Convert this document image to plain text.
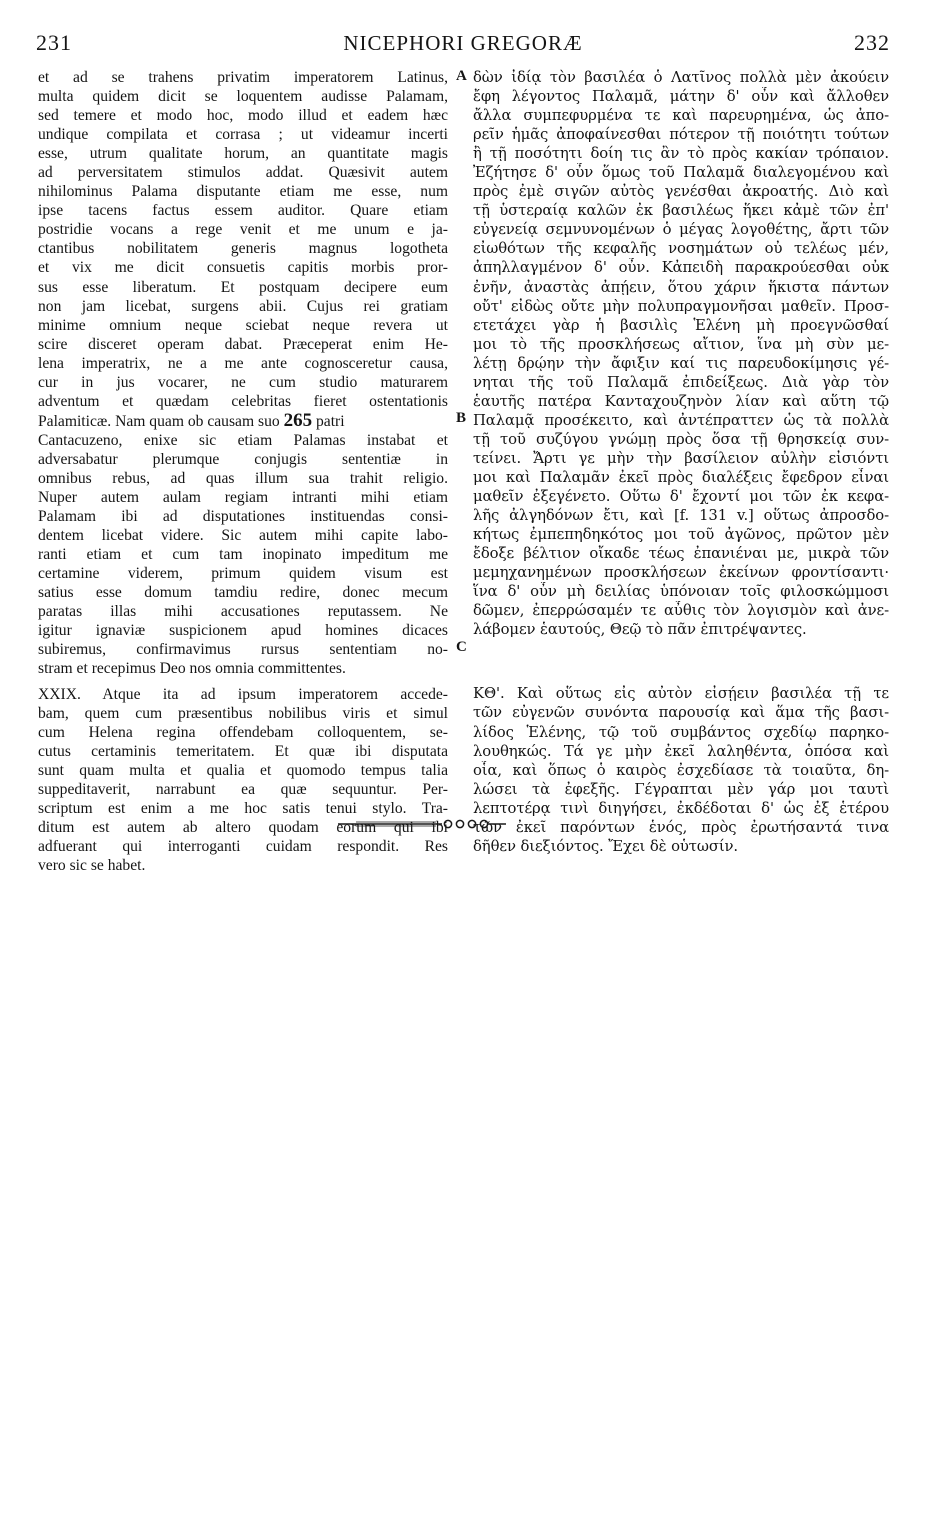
231	NICEPHORI GREGORÆ	232
et ad se trahens privatim imperatorem Latinus,
multa quidem dicit se loquentem audisse Palamam,
sed temere et modo hoc, modo illud et eadem hæc
undique compilata et corrasa ; ut videamur incerti
esse, utrum qualitate horum, an quantitate magis
ad perversitatem stimulos addat. Quæsivit autem
nihilominus Palama disputante etiam me esse, num
ipse tacens factus essem auditor. Quare etiam
postridie vocans a rege venit et me unum e ja-
ctantibus nobilitatem generis magnus logotheta
et vix me dicit consuetis capitis morbis pror-
sus esse liberatum. Et postquam decipere eum
non jam licebat, surgens abii. Cujus rei gratiam
minime omnium neque sciebat neque revera ut
scire disceret operam dabat. Præceperat enim He-
lena imperatrix, ne a me ante cognosceretur causa,
cur in jus vocarer, ne cum studio maturarem
adventum et quædam celebritas fieret ostentationis
Palamiticæ. Nam quam ob causam suo 265 patri
Cantacuzeno, enixe sic etiam Palamas instabat et
adversabatur plerumque conjugis sententiæ in
omnibus rebus, ad quas illum sua trahit religio.
Nuper autem aulam regiam intranti mihi etiam
Palamam ibi ad disputationes instituendas consi-
dentem licebat videre. Sic autem mihi capite labo-
ranti etiam et cum tam inopinato impeditum me
certamine viderem, primum quidem visum est
satius esse domum tamdiu redire, donec mecum
paratas illas mihi accusationes reputassem. Ne
igitur ignaviæ suspicionem apud homines dicaces
subiremus, confirmavimus rursus sententiam no-
stram et recepimus Deo nos omnia committentes.
XXIX. Atque ita ad ipsum imperatorem accede-
bam, quem cum præsentibus nobilibus viris et simul
cum Helena regina offendebam colloquentem, se-
cutus certaminis temeritatem. Et quæ ibi disputata
sunt quam multa et qualia et quomodo tempus talia
suppeditaverit, narrabunt ea quæ sequuntur. Per-
scriptum est enim a me hoc satis tenui stylo. Tra-
ditum est autem ab altero quodam eorum qui ibi
adfuerant qui interroganti cuidam respondit. Res
vero sic se habet.
δὼν ἰδίᾳ τὸν βασιλέα ὁ Λατῖνος πολλὰ μὲν ἀκούειν
ἔφη λέγοντος Παλαμᾶ, μάτην δ' οὖν καὶ ἄλλοθεν
ἄλλα συμπεφυρμένα τε καὶ παρευρημένα, ὡς ἀπο-
ρεῖν ἡμᾶς ἀποφαίνεσθαι πότερον τῇ ποιότητι τούτων
ἢ τῇ ποσότητι δοίη τις ἂν τὸ πρὸς κακίαν τρόπαιον.
Ἐζήτησε δ' οὖν ὅμως τοῦ Παλαμᾶ διαλεγομένου καὶ
πρὸς ἐμὲ σιγῶν αὐτὸς γενέσθαι ἀκροατής. Διὸ καὶ
τῇ ὑστεραίᾳ καλῶν ἐκ βασιλέως ἥκει κἀμὲ τῶν ἐπ'
εὐγενείᾳ σεμνυνομένων ὁ μέγας λογοθέτης, ἄρτι τῶν
εἰωθότων τῆς κεφαλῆς νοσημάτων οὐ τελέως μέν,
ἀπηλλαγμένον δ' οὖν. Κἀπειδὴ παρακρούεσθαι οὐκ
ἐνῆν, ἀναστὰς ἀπῄειν, ὅτου χάριν ἥκιστα πάντων
οὔτ' εἰδὼς οὔτε μὴν πολυπραγμονῆσαι μαθεῖν. Προσ-
ετετάχει γὰρ ἡ βασιλὶς Ἑλένη μὴ προεγνῶσθαί
μοι τὸ τῆς προσκλήσεως αἴτιον, ἵνα μὴ σὺν με-
λέτῃ δρῴην τὴν ἄφιξιν καί τις παρευδοκίμησις γέ-
νηται τῆς τοῦ Παλαμᾶ ἐπιδείξεως. Διὰ γὰρ τὸν
ἑαυτῆς πατέρα Κανταχουζηνὸν λίαν καὶ αὕτη τῷ
Παλαμᾷ προσέκειτο, καὶ ἀντέπραττεν ὡς τὰ πολλὰ
τῇ τοῦ συζύγου γνώμῃ πρὸς ὅσα τῇ θρησκείᾳ συν-
τείνει. Ἄρτι γε μὴν τὴν βασίλειον αὐλὴν εἰσιόντι
μοι καὶ Παλαμᾶν ἐκεῖ πρὸς διαλέξεις ἔφεδρον εἶναι
μαθεῖν ἐξεγένετο. Οὕτω δ' ἔχοντί μοι τῶν ἐκ κεφα-
λῆς ἀλγηδόνων ἔτι, καὶ [f. 131 v.] οὕτως ἀπροσδο-
κήτως ἐμπεπηδηκότος μοι τοῦ ἀγῶνος, πρῶτον μὲν
ἔδοξε βέλτιον οἴκαδε τέως ἐπανιέναι με, μικρὰ τῶν
μεμηχανημένων προσκλήσεων ἐκείνων φροντίσαντι·
ἵνα δ' οὖν μὴ δειλίας ὑπόνοιαν τοῖς φιλοσκώμμοσι
δῶμεν, ἐπερρώσαμέν τε αὖθις τὸν λογισμὸν καὶ ἀνε-
λάβομεν ἑαυτούς, Θεῷ τὸ πᾶν ἐπιτρέψαντες.
ΚΘ'. Καὶ οὕτως εἰς αὐτὸν εἰσῄειν βασιλέα τῇ τε
τῶν εὐγενῶν συνόντα παρουσίᾳ καὶ ἅμα τῆς βασι-
λίδος Ἑλένης, τῷ τοῦ συμβάντος σχεδίῳ παρηκο-
λουθηκώς. Τά γε μὴν ἐκεῖ λαληθέντα, ὁπόσα καὶ
οἷα, καὶ ὅπως ὁ καιρὸς ἐσχεδίασε τὰ τοιαῦτα, δη-
λώσει τὰ ἐφεξῆς. Γέγραπται μὲν γάρ μοι ταυτὶ
λεπτοτέρᾳ τινὶ διηγήσει, ἐκδέδοται δ' ὡς ἐξ ἑτέρου
τῶν ἐκεῖ παρόντων ἑνός, πρὸς ἐρωτήσαντά τινα
δῆθεν διεξιόντος. Ἔχει δὲ οὑτωσίν.
A
B
C
